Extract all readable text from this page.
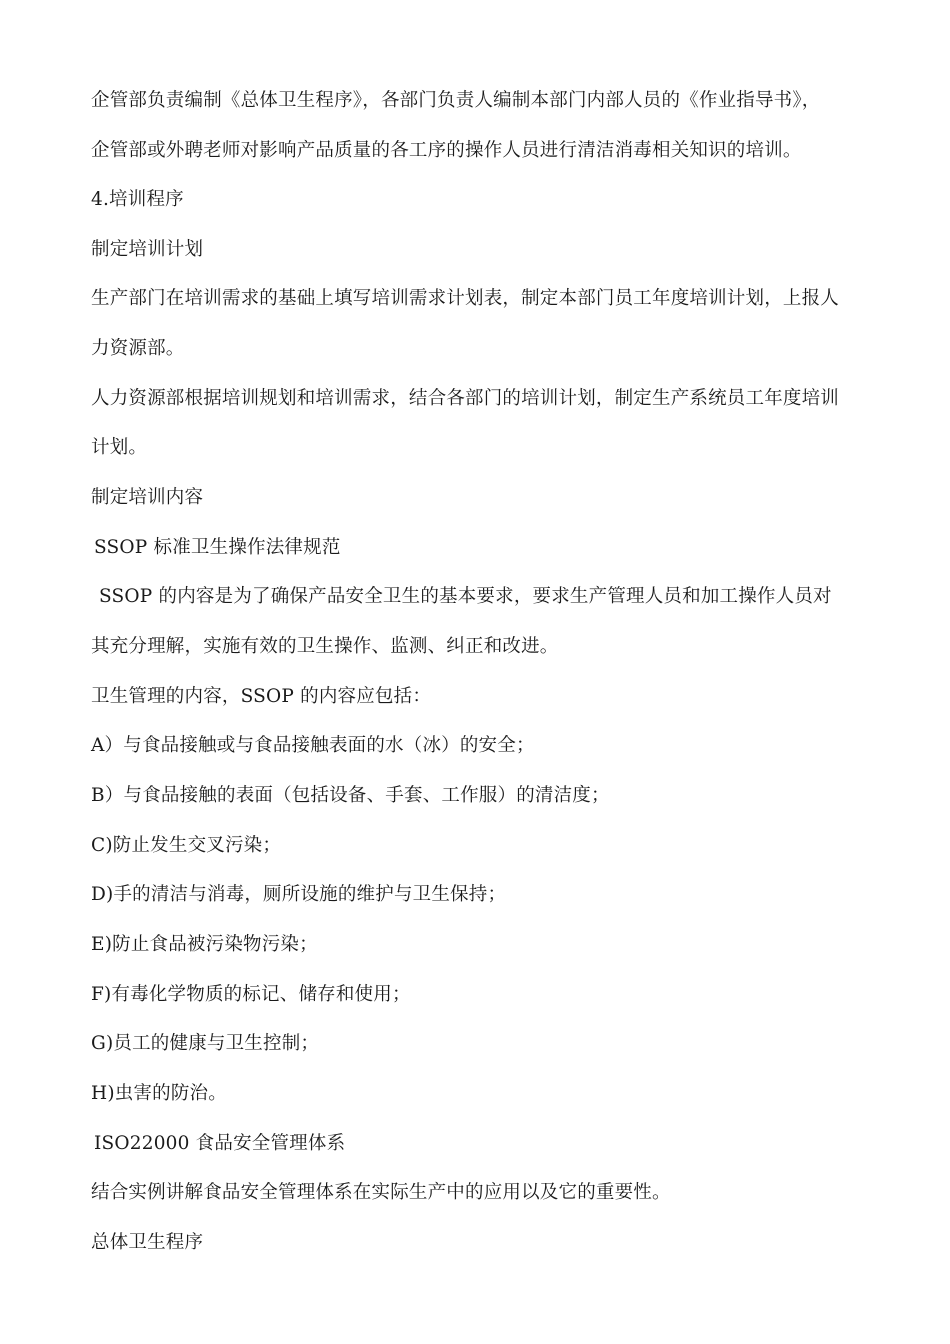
企管部负责编制《总体卫生程序》，各部门负责人编制本部门内部人员的《作业指导书》，
企管部或外聘老师对影响产品质量的各工序的操作人员进行清洁消毒相关知识的培训。
4.培训程序
制定培训计划
生产部门在培训需求的基础上填写培训需求计划表，制定本部门员工年度培训计划，上报人
力资源部。
人力资源部根据培训规划和培训需求，结合各部门的培训计划，制定生产系统员工年度培训
计划。
制定培训内容
SSOP 标准卫生操作法律规范
SSOP 的内容是为了确保产品安全卫生的基本要求，要求生产管理人员和加工操作人员对
其充分理解，实施有效的卫生操作、监测、纠正和改进。
卫生管理的内容，SSOP 的内容应包括：
A）与食品接触或与食品接触表面的水（冰）的安全；
B）与食品接触的表面（包括设备、手套、工作服）的清洁度；
C)防止发生交叉污染；
D)手的清洁与消毒，厕所设施的维护与卫生保持；
E)防止食品被污染物污染；
F)有毒化学物质的标记、储存和使用；
G)员工的健康与卫生控制；
H)虫害的防治。
ISO22000 食品安全管理体系
结合实例讲解食品安全管理体系在实际生产中的应用以及它的重要性。
总体卫生程序
